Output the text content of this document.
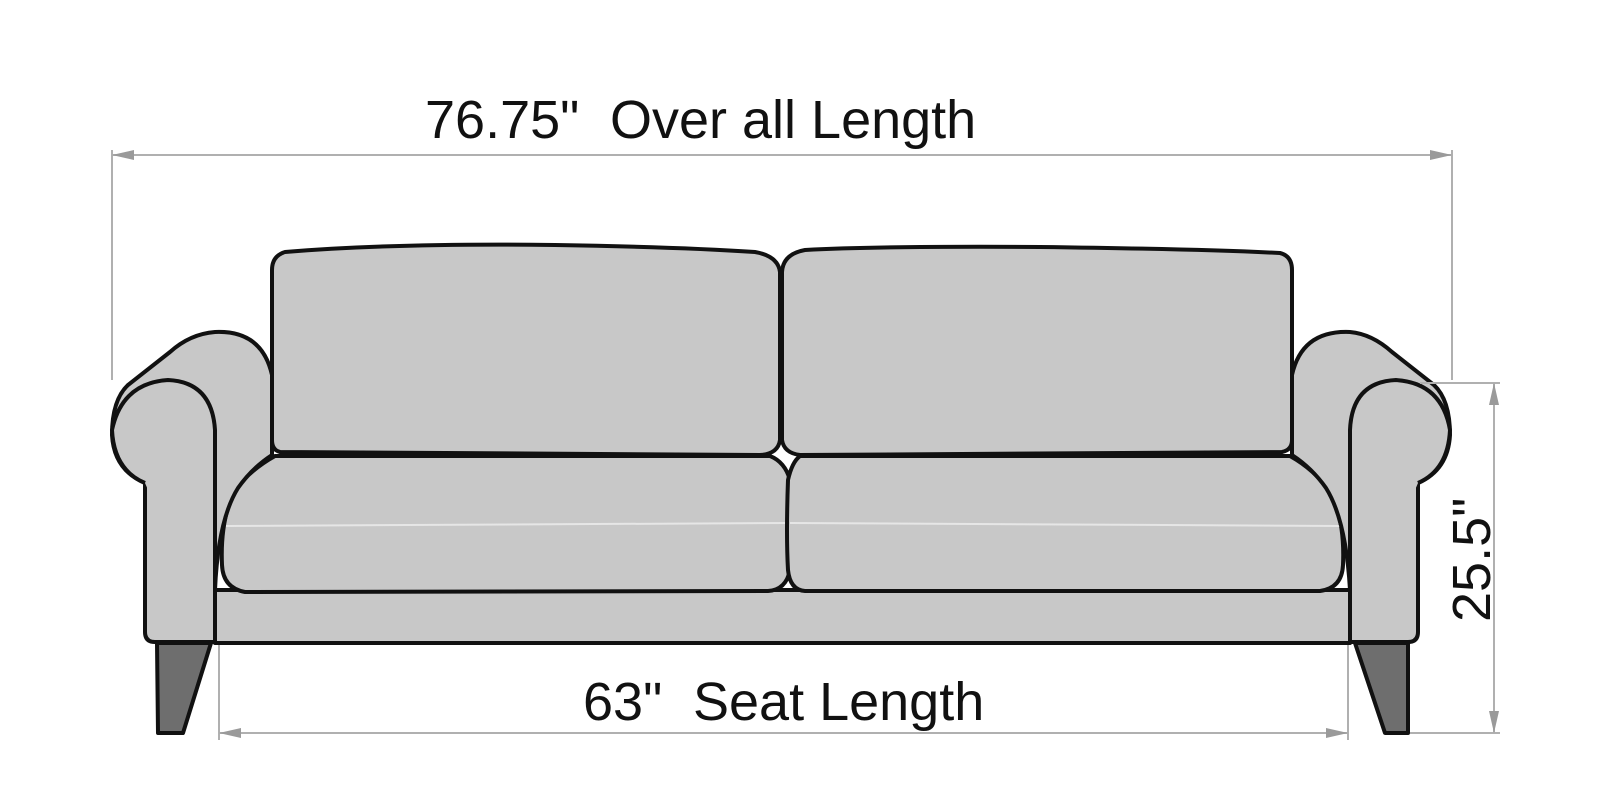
76.75" Over all Length
63" Seat Length
25.5"
